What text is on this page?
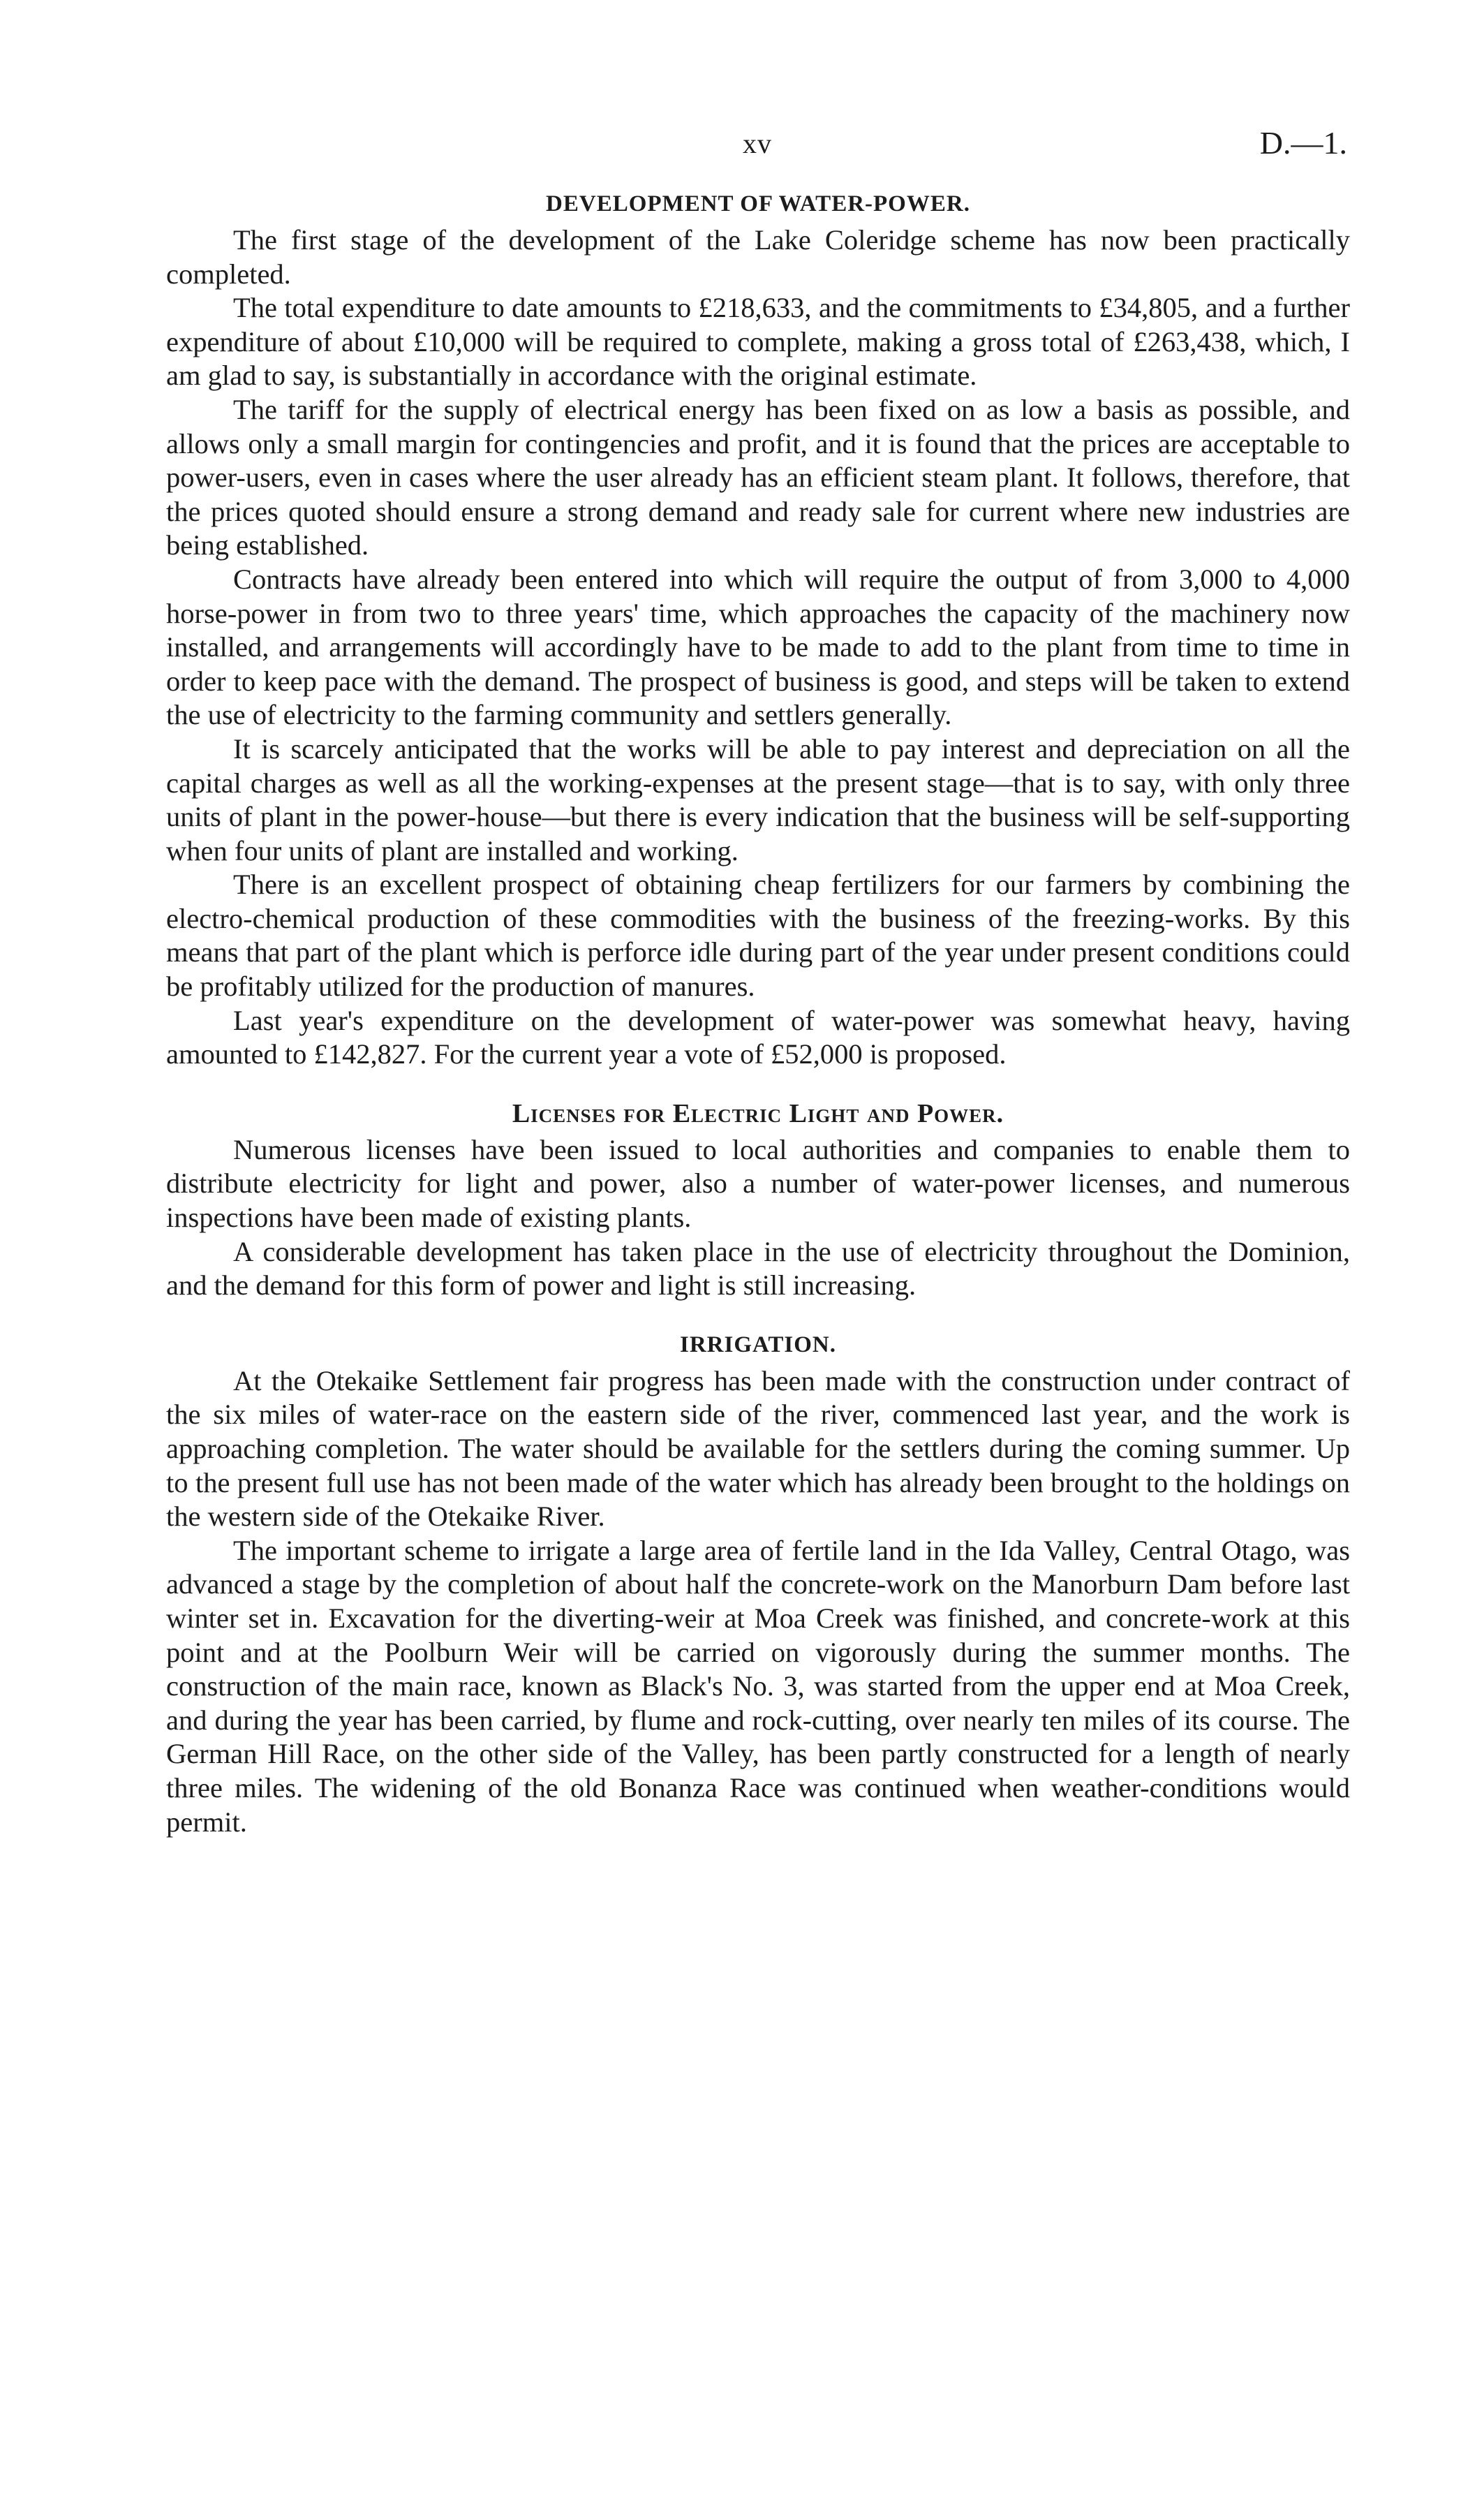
xv	D.—1.
DEVELOPMENT OF WATER-POWER.

The first stage of the development of the Lake Coleridge scheme has now been practically completed.

The total expenditure to date amounts to £218,633, and the commitments to £34,805, and a further expenditure of about £10,000 will be required to complete, making a gross total of £263,438, which, I am glad to say, is substantially in accordance with the original estimate.

The tariff for the supply of electrical energy has been fixed on as low a basis as possible, and allows only a small margin for contingencies and profit, and it is found that the prices are acceptable to power-users, even in cases where the user already has an efficient steam plant. It follows, therefore, that the prices quoted should ensure a strong demand and ready sale for current where new industries are being established.

Contracts have already been entered into which will require the output of from 3,000 to 4,000 horse-power in from two to three years' time, which approaches the capacity of the machinery now installed, and arrangements will accordingly have to be made to add to the plant from time to time in order to keep pace with the demand. The prospect of business is good, and steps will be taken to extend the use of electricity to the farming community and settlers generally.

It is scarcely anticipated that the works will be able to pay interest and depreciation on all the capital charges as well as all the working-expenses at the present stage—that is to say, with only three units of plant in the power-house—but there is every indication that the business will be self-supporting when four units of plant are installed and working.

There is an excellent prospect of obtaining cheap fertilizers for our farmers by combining the electro-chemical production of these commodities with the business of the freezing-works. By this means that part of the plant which is perforce idle during part of the year under present conditions could be profitably utilized for the production of manures.

Last year's expenditure on the development of water-power was somewhat heavy, having amounted to £142,827. For the current year a vote of £52,000 is proposed.

Licenses for Electric Light and Power.

Numerous licenses have been issued to local authorities and companies to enable them to distribute electricity for light and power, also a number of water-power licenses, and numerous inspections have been made of existing plants.

A considerable development has taken place in the use of electricity throughout the Dominion, and the demand for this form of power and light is still increasing.

IRRIGATION.

At the Otekaike Settlement fair progress has been made with the construction under contract of the six miles of water-race on the eastern side of the river, commenced last year, and the work is approaching completion. The water should be available for the settlers during the coming summer. Up to the present full use has not been made of the water which has already been brought to the holdings on the western side of the Otekaike River.

The important scheme to irrigate a large area of fertile land in the Ida Valley, Central Otago, was advanced a stage by the completion of about half the concrete-work on the Manorburn Dam before last winter set in. Excavation for the diverting-weir at Moa Creek was finished, and concrete-work at this point and at the Poolburn Weir will be carried on vigorously during the summer months. The construction of the main race, known as Black's No. 3, was started from the upper end at Moa Creek, and during the year has been carried, by flume and rock-cutting, over nearly ten miles of its course. The German Hill Race, on the other side of the Valley, has been partly constructed for a length of nearly three miles. The widening of the old Bonanza Race was continued when weather-conditions would permit.
